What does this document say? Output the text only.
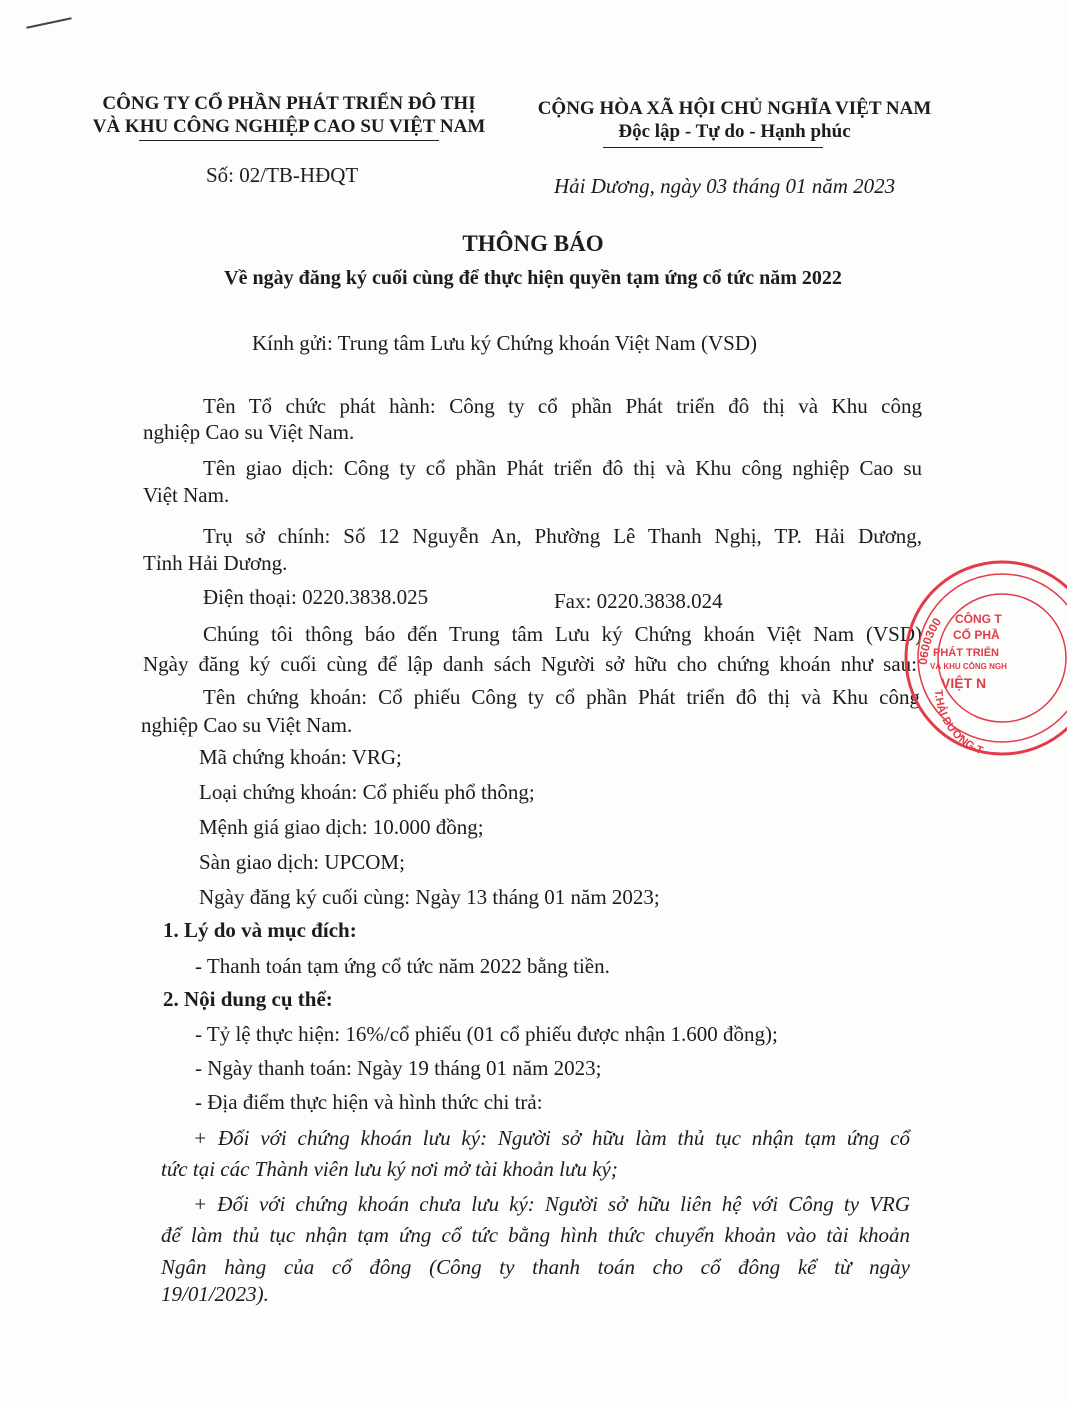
CÔNG TY CỔ PHẦN PHÁT TRIỂN ĐÔ THỊ
VÀ KHU CÔNG NGHIỆP CAO SU VIỆT NAM
CỘNG HÒA XÃ HỘI CHỦ NGHĨA VIỆT NAM
Độc lập - Tự do - Hạnh phúc
Số: 02/TB-HĐQT	Hải Dương, ngày 03 tháng 01 năm 2023
THÔNG BÁO
Về ngày đăng ký cuối cùng để thực hiện quyền tạm ứng cổ tức năm 2022
Kính gửi: Trung tâm Lưu ký Chứng khoán Việt Nam (VSD)
Tên Tổ chức phát hành: Công ty cổ phần Phát triển đô thị và Khu công
nghiệp Cao su Việt Nam.
Tên giao dịch: Công ty cổ phần Phát triển đô thị và Khu công nghiệp Cao su
Việt Nam.
Trụ sở chính: Số 12 Nguyễn An, Phường Lê Thanh Nghị, TP. Hải Dương,
Tỉnh Hải Dương.
Điện thoại: 0220.3838.025	Fax: 0220.3838.024
Chúng tôi thông báo đến Trung tâm Lưu ký Chứng khoán Việt Nam (VSD)
Ngày đăng ký cuối cùng để lập danh sách Người sở hữu cho chứng khoán như sau:
Tên chứng khoán: Cổ phiếu Công ty cổ phần Phát triển đô thị và Khu công
nghiệp Cao su Việt Nam.
Mã chứng khoán: VRG;
Loại chứng khoán: Cổ phiếu phổ thông;
Mệnh giá giao dịch: 10.000 đồng;
Sàn giao dịch: UPCOM;
Ngày đăng ký cuối cùng: Ngày 13 tháng 01 năm 2023;
1. Lý do và mục đích:
- Thanh toán tạm ứng cổ tức năm 2022 bằng tiền.
2. Nội dung cụ thể:
- Tỷ lệ thực hiện: 16%/cổ phiếu (01 cổ phiếu được nhận 1.600 đồng);
- Ngày thanh toán: Ngày 19 tháng 01 năm 2023;
- Địa điểm thực hiện và hình thức chi trả:
+ Đối với chứng khoán lưu ký: Người sở hữu làm thủ tục nhận tạm ứng cổ
tức tại các Thành viên lưu ký nơi mở tài khoản lưu ký;
+ Đối với chứng khoán chưa lưu ký: Người sở hữu liên hệ với Công ty VRG
để làm thủ tục nhận tạm ứng cổ tức bằng hình thức chuyển khoản vào tài khoản
Ngân hàng của cổ đông (Công ty thanh toán cho cổ đông kể từ ngày
19/01/2023).
0600300
T.HẢI DƯƠNG-T
CÔNG T
CỔ PHẦ
PHÁT TRIỂN
VÀ KHU CÔNG NGH
VIỆT N
